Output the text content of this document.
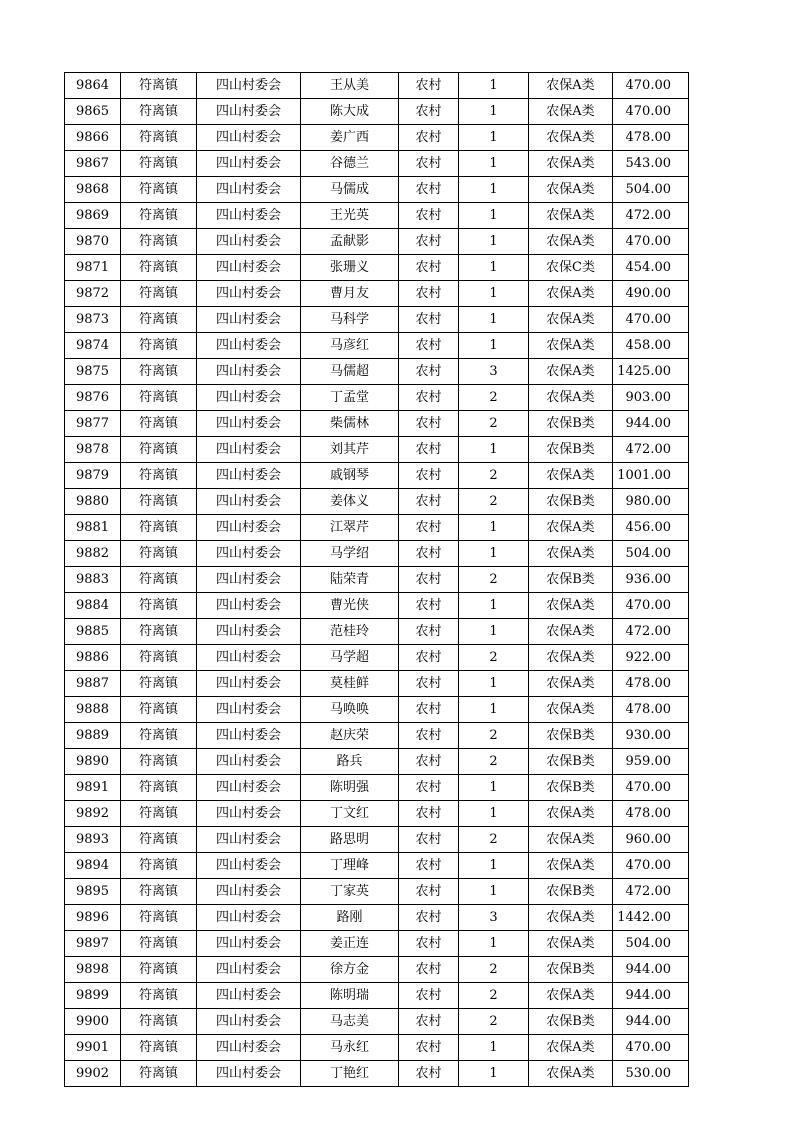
9864	符离镇	四山村委会	王从美	农村	1	农保A类	470.00
9865	符离镇	四山村委会	陈大成	农村	1	农保A类	470.00
9866	符离镇	四山村委会	姜广西	农村	1	农保A类	478.00
9867	符离镇	四山村委会	谷德兰	农村	1	农保A类	543.00
9868	符离镇	四山村委会	马儒成	农村	1	农保A类	504.00
9869	符离镇	四山村委会	王光英	农村	1	农保A类	472.00
9870	符离镇	四山村委会	孟献影	农村	1	农保A类	470.00
9871	符离镇	四山村委会	张珊义	农村	1	农保C类	454.00
9872	符离镇	四山村委会	曹月友	农村	1	农保A类	490.00
9873	符离镇	四山村委会	马科学	农村	1	农保A类	470.00
9874	符离镇	四山村委会	马彦红	农村	1	农保A类	458.00
9875	符离镇	四山村委会	马儒超	农村	3	农保A类	1425.00
9876	符离镇	四山村委会	丁孟堂	农村	2	农保A类	903.00
9877	符离镇	四山村委会	柴儒林	农村	2	农保B类	944.00
9878	符离镇	四山村委会	刘其芹	农村	1	农保B类	472.00
9879	符离镇	四山村委会	戚钢琴	农村	2	农保A类	1001.00
9880	符离镇	四山村委会	姜体义	农村	2	农保B类	980.00
9881	符离镇	四山村委会	江翠芹	农村	1	农保A类	456.00
9882	符离镇	四山村委会	马学绍	农村	1	农保A类	504.00
9883	符离镇	四山村委会	陆荣青	农村	2	农保B类	936.00
9884	符离镇	四山村委会	曹光侠	农村	1	农保A类	470.00
9885	符离镇	四山村委会	范桂玲	农村	1	农保A类	472.00
9886	符离镇	四山村委会	马学超	农村	2	农保A类	922.00
9887	符离镇	四山村委会	莫桂鲜	农村	1	农保A类	478.00
9888	符离镇	四山村委会	马唤唤	农村	1	农保A类	478.00
9889	符离镇	四山村委会	赵庆荣	农村	2	农保B类	930.00
9890	符离镇	四山村委会	路兵	农村	2	农保B类	959.00
9891	符离镇	四山村委会	陈明强	农村	1	农保B类	470.00
9892	符离镇	四山村委会	丁文红	农村	1	农保A类	478.00
9893	符离镇	四山村委会	路思明	农村	2	农保A类	960.00
9894	符离镇	四山村委会	丁理峰	农村	1	农保A类	470.00
9895	符离镇	四山村委会	丁家英	农村	1	农保B类	472.00
9896	符离镇	四山村委会	路刚	农村	3	农保A类	1442.00
9897	符离镇	四山村委会	姜正连	农村	1	农保A类	504.00
9898	符离镇	四山村委会	徐方金	农村	2	农保B类	944.00
9899	符离镇	四山村委会	陈明瑞	农村	2	农保A类	944.00
9900	符离镇	四山村委会	马志美	农村	2	农保B类	944.00
9901	符离镇	四山村委会	马永红	农村	1	农保A类	470.00
9902	符离镇	四山村委会	丁艳红	农村	1	农保A类	530.00
